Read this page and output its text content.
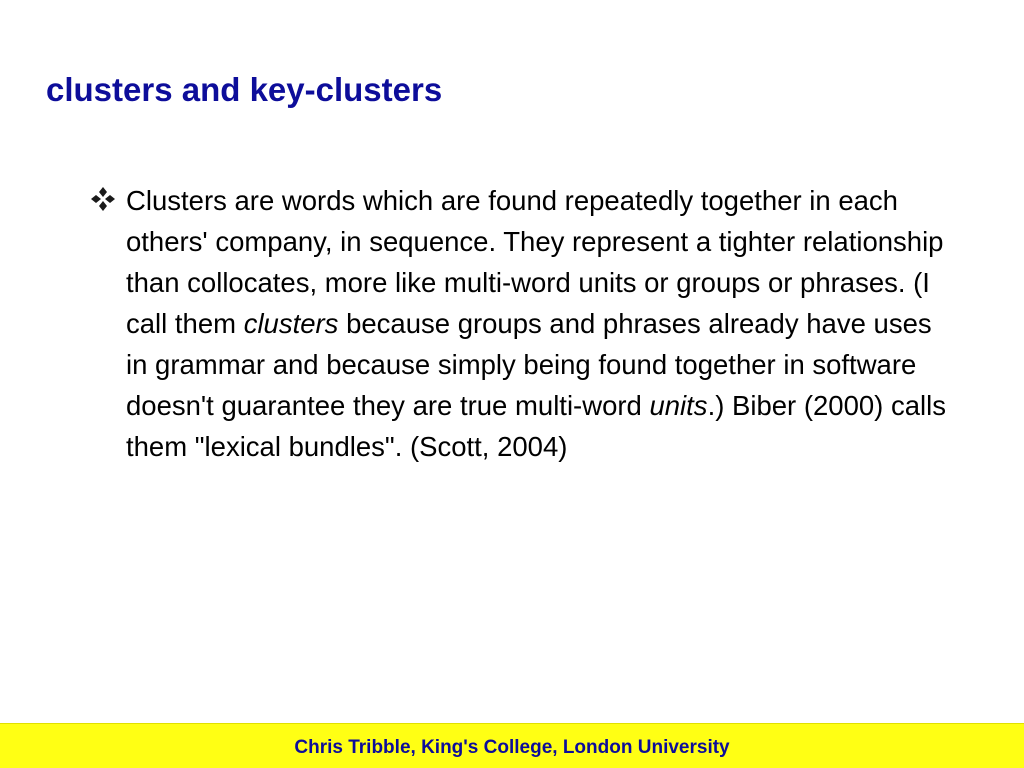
clusters and key-clusters
Clusters are words which are found repeatedly together in each others' company, in sequence. They represent a tighter relationship than collocates, more like multi-word units or groups or phrases. (I call them clusters because groups and phrases already have uses in grammar and because simply being found together in software doesn't guarantee they are true multi-word units.) Biber (2000) calls them "lexical bundles". (Scott, 2004)
Chris Tribble, King's College, London University
